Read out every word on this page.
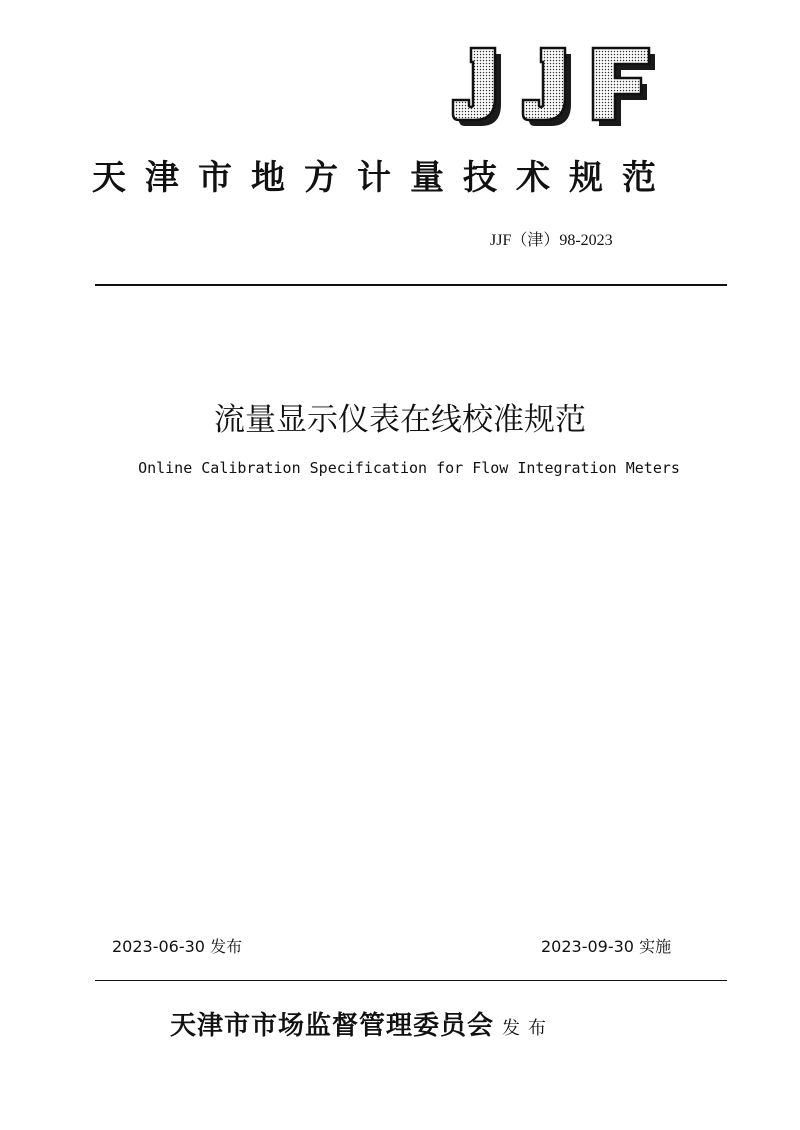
天津市地方计量技术规范
JJF（津）98-2023
流量显示仪表在线校准规范
Online Calibration Specification for Flow Integration Meters
2023-06-30 发布	2023-09-30 实施
天津市市场监督管理委员会 发布
